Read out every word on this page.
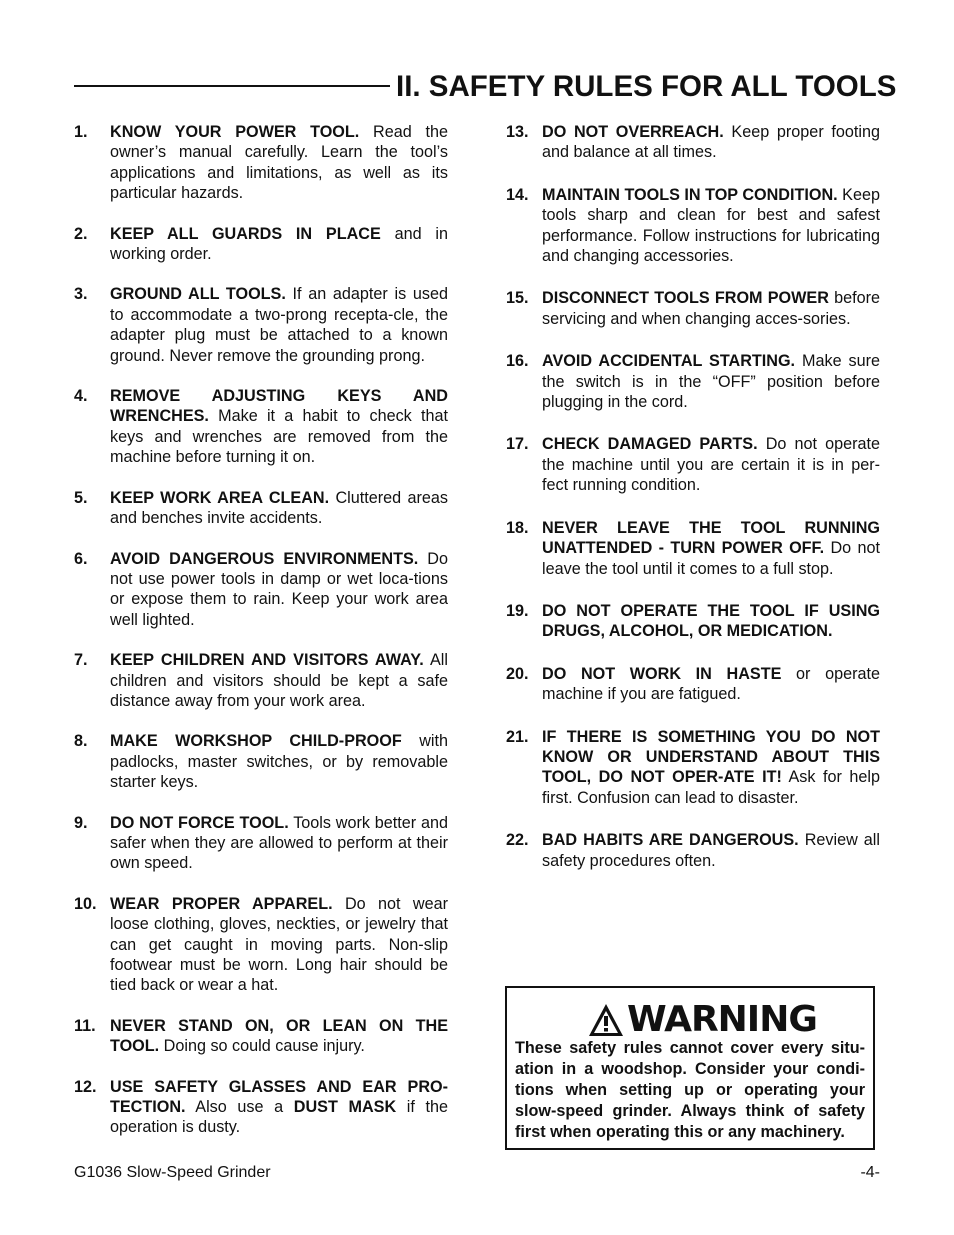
II. SAFETY RULES FOR ALL TOOLS
1.	KNOW YOUR POWER TOOL. Read the owner’s manual carefully. Learn the tool’s applications and limitations, as well as its particular hazards.
2.	KEEP ALL GUARDS IN PLACE and in working order.
3.	GROUND ALL TOOLS. If an adapter is used to accommodate a two-prong recepta-cle, the adapter plug must be attached to a known ground. Never remove the grounding prong.
4.	REMOVE ADJUSTING KEYS AND WRENCHES. Make it a habit to check that keys and wrenches are removed from the machine before turning it on.
5.	KEEP WORK AREA CLEAN. Cluttered areas and benches invite accidents.
6.	AVOID DANGEROUS ENVIRONMENTS. Do not use power tools in damp or wet loca-tions or expose them to rain. Keep your work area well lighted.
7.	KEEP CHILDREN AND VISITORS AWAY. All children and visitors should be kept a safe distance away from your work area.
8.	MAKE WORKSHOP CHILD-PROOF with padlocks, master switches, or by removable starter keys.
9.	DO NOT FORCE TOOL. Tools work better and safer when they are allowed to perform at their own speed.
10. WEAR PROPER APPAREL. Do not wear loose clothing, gloves, neckties, or jewelry that can get caught in moving parts. Non-slip footwear must be worn. Long hair should be tied back or wear a hat.
11. NEVER STAND ON, OR LEAN ON THE TOOL. Doing so could cause injury.
12. USE SAFETY GLASSES AND EAR PRO-TECTION. Also use a DUST MASK if the operation is dusty.
13. DO NOT OVERREACH. Keep proper footing and balance at all times.
14. MAINTAIN TOOLS IN TOP CONDITION. Keep tools sharp and clean for best and safest performance. Follow instructions for lubricating and changing accessories.
15. DISCONNECT TOOLS FROM POWER before servicing and when changing acces-sories.
16. AVOID ACCIDENTAL STARTING. Make sure the switch is in the “OFF” position before plugging in the cord.
17. CHECK DAMAGED PARTS. Do not operate the machine until you are certain it is in per-fect running condition.
18. NEVER LEAVE THE TOOL RUNNING UNATTENDED - TURN POWER OFF. Do not leave the tool until it comes to a full stop.
19. DO NOT OPERATE THE TOOL IF USING DRUGS, ALCOHOL, OR MEDICATION.
20. DO NOT WORK IN HASTE or operate machine if you are fatigued.
21. IF THERE IS SOMETHING YOU DO NOT KNOW OR UNDERSTAND ABOUT THIS TOOL, DO NOT OPER-ATE IT! Ask for help first. Confusion can lead to disaster.
22. BAD HABITS ARE DANGEROUS. Review all safety procedures often.
WARNING

These safety rules cannot cover every situ-ation in a woodshop. Consider your condi-tions when setting up or operating your slow-speed grinder. Always think of safety first when operating this or any machinery.

G1036 Slow-Speed Grinder	-4-
